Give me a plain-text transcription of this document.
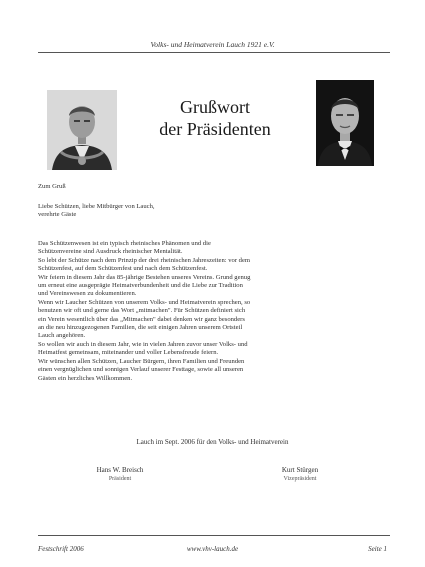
Volks- und Heimatverein Lauch 1921 e.V.
Grußwort
der Präsidenten
Zum Gruß
Liebe Schützen, liebe Mitbürger von Lauch,
verehrte Gäste
Das Schützenwesen ist ein typisch rheinisches Phänomen und die
Schützenvereine sind Ausdruck rheinischer Mentalität.
So lebt der Schütze nach dem Prinzip der drei rheinischen Jahreszeiten: vor dem
Schützenfest, auf dem Schützenfest und nach dem Schützenfest.
Wir feiern in diesem Jahr das 85-jährige Bestehen unseres Vereins. Grund genug
um erneut eine ausgeprägte Heimatverbundenheit und die Liebe zur Tradition
und Vereinswesen zu dokumentieren.
Wenn wir Laucher Schützen von unserem Volks- und Heimatverein sprechen, so
benutzen wir oft und gerne das Wort „mitmachen". Für Schützen definiert sich
ein Verein wesentlich über das „Mitmachen" dabei denken wir ganz besonders
an die neu hinzugezogenen Familien, die seit einigen Jahren unserem Ortsteil
Lauch angehören.
So wollen wir auch in diesem Jahr, wie in vielen Jahren zuvor unser Volks- und
Heimatfest gemeinsam, miteinander und voller Lebensfreude feiern.
Wir wünschen allen Schützen, Laucher Bürgern, ihren Familien und Freunden
einen vergnüglichen und sonnigen Verlauf unserer Festtage, sowie all unseren
Gästen ein herzliches Willkommen.
Lauch im Sept. 2006 für den Volks- und Heimatverein
Hans W. Breisch
Präsident
Kurt Stürgen
Vizepräsident
Festschrift 2006	www.vhv-lauch.de	Seite 1
